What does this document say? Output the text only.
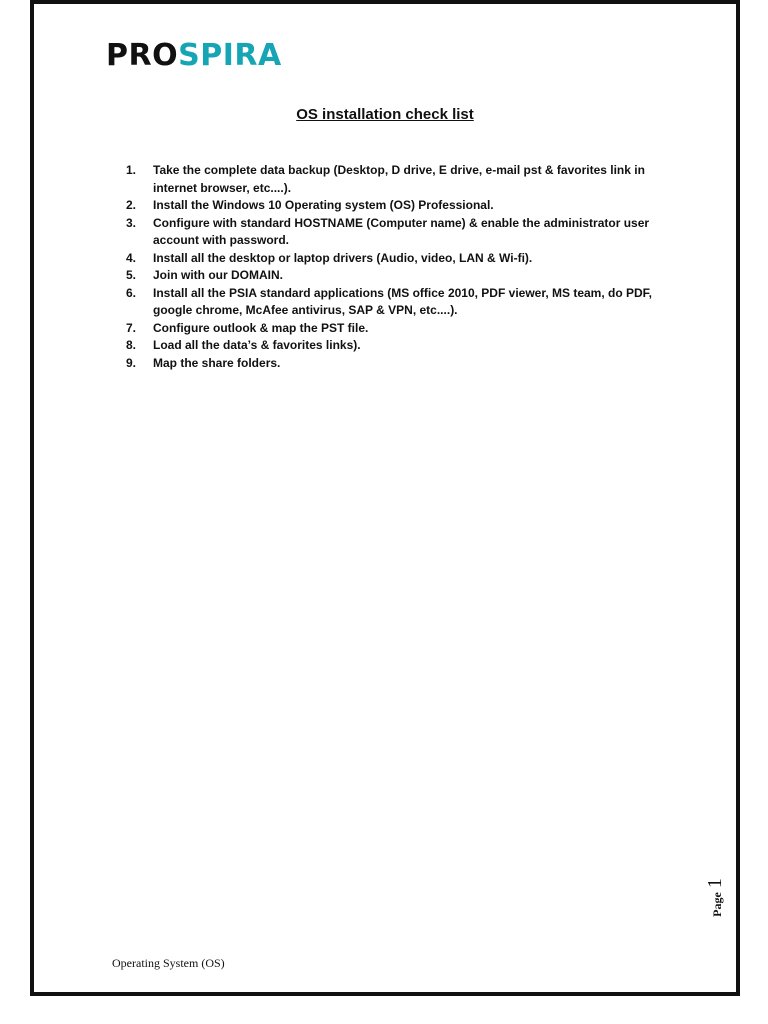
PROSPIRA
OS installation check list
1. Take the complete data backup (Desktop, D drive, E drive, e-mail pst & favorites link in internet browser, etc....).
2. Install the Windows 10 Operating system (OS) Professional.
3. Configure with standard HOSTNAME (Computer name) & enable the administrator user account with password.
4. Install all the desktop or laptop drivers (Audio, video, LAN & Wi-fi).
5. Join with our DOMAIN.
6. Install all the PSIA standard applications (MS office 2010, PDF viewer, MS team, do PDF, google chrome, McAfee antivirus, SAP & VPN, etc....).
7. Configure outlook & map the PST file.
8. Load all the data’s & favorites links).
9. Map the share folders.
Page 1
Operating System (OS)
